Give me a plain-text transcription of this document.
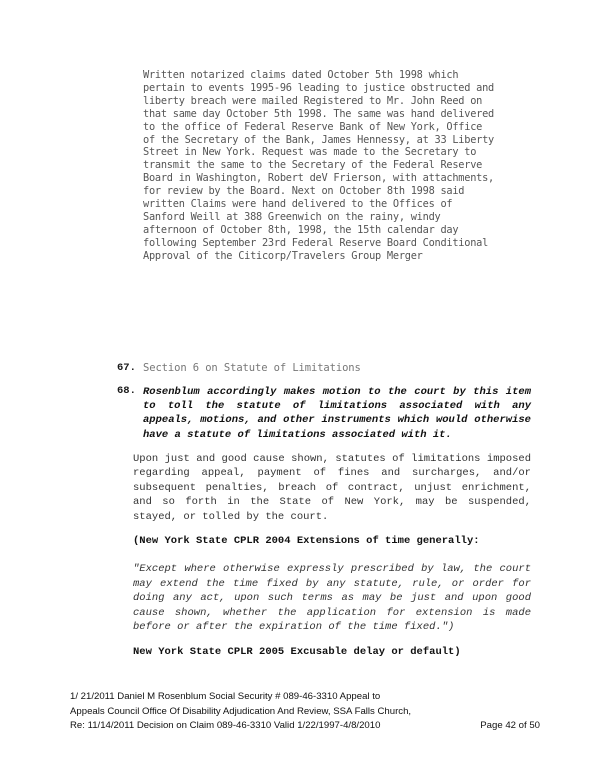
Written notarized claims dated October 5th 1998 which
pertain to events 1995-96 leading to justice obstructed and
liberty breach were mailed Registered to Mr. John Reed on
that same day October 5th 1998. The same was hand delivered
to the office of Federal Reserve Bank of New York, Office
of the Secretary of the Bank, James Hennessy, at 33 Liberty
Street in New York. Request was made to the Secretary to
transmit the same to the Secretary of the Federal Reserve
Board in Washington, Robert deV Frierson, with attachments,
for review by the Board. Next on October 8th 1998 said
written Claims were hand delivered to the Offices of
Sanford Weill at 388 Greenwich on the rainy, windy
afternoon of October 8th, 1998, the 15th calendar day
following September 23rd Federal Reserve Board Conditional
Approval of the Citicorp/Travelers Group Merger
67. Section 6 on Statute of Limitations
68. Rosenblum accordingly makes motion to the court by this item to toll the statute of limitations associated with any appeals, motions, and other instruments which would otherwise have a statute of limitations associated with it.
Upon just and good cause shown, statutes of limitations imposed regarding appeal, payment of fines and surcharges, and/or subsequent penalties, breach of contract, unjust enrichment, and so forth in the State of New York, may be suspended, stayed, or tolled by the court.
(New York State CPLR 2004 Extensions of time generally:
"Except where otherwise expressly prescribed by law, the court may extend the time fixed by any statute, rule, or order for doing any act, upon such terms as may be just and upon good cause shown, whether the application for extension is made before or after the expiration of the time fixed.")
New York State CPLR 2005 Excusable delay or default)
1/ 21/2011 Daniel M Rosenblum Social Security # 089-46-3310 Appeal to
Appeals Council Office Of Disability Adjudication And Review, SSA Falls Church,
Re: 11/14/2011 Decision on Claim 089-46-3310 Valid 1/22/1997-4/8/2010	Page 42 of 50
